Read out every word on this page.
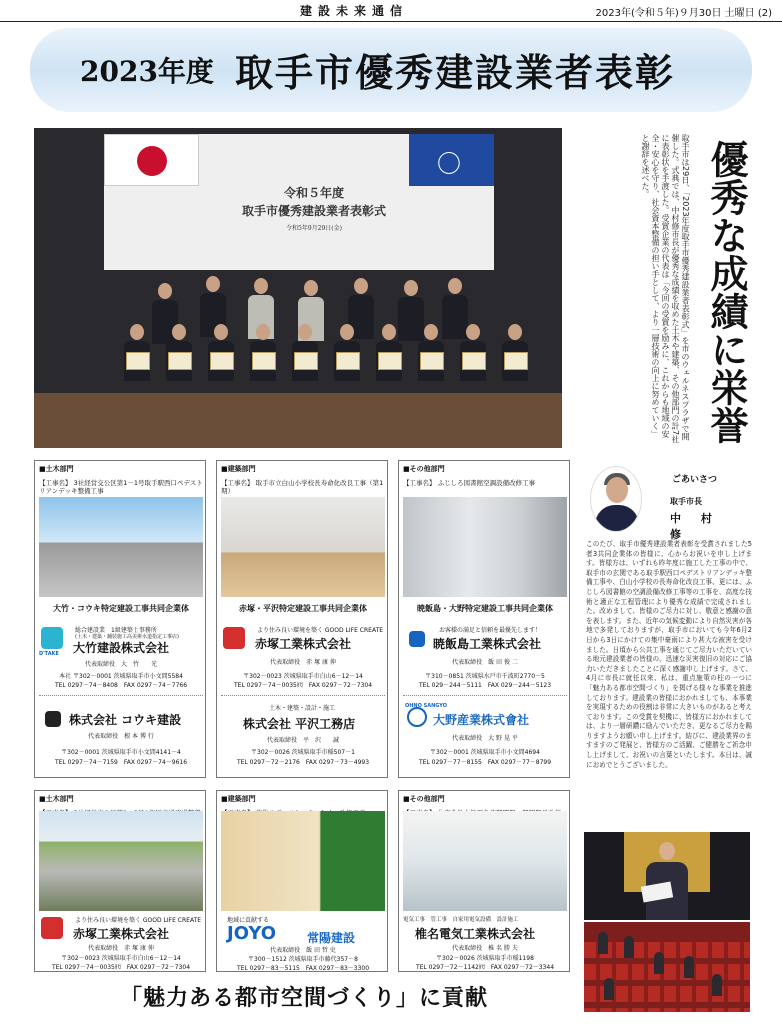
建設未来通信	2023年(令和５年)９月30日 土曜日 (2)
2023年度 取手市優秀建設業者表彰
〇
令和５年度
取手市優秀建設業者表彰式
令和5年9月29日(金)	優秀な成績に栄誉
取手市は29日、「2023年度取手市優秀建設業者表彰式」を市のウェルネスプラザで開催した。式典では、中村修市長が優秀な成績を収めた土木や建築、その他部門の計7社に表彰状を手渡した。受賞企業の代表は「今回の受賞を励みに、これからも地域の安全・安心を守り、社会資本整備の担い手として、より一層技術の向上に努めていく」と謝辞を述べた。
■土木部門
【工事名】 3社経営交公区第1－1号取手駅西口ペデストリアンデッキ整備工事
大竹・コウキ特定建設工事共同企業体
総合建設業　1級建築士事務所
(土木・建築・舗装施工高美術水道指定工事店)
D'TAKE 大竹建設株式会社
代表取締役　大　竹　　光
本社 〒302－0001 茨城県取手市小文間5584
TEL 0297－74－8408　FAX 0297－74－7766
株式会社 コウキ建設
代表取締役　根 本 博 行
〒302－0001 茨城県取手市小文間4141－4
TEL 0297－74－7159　FAX 0297－74－9616
■建築部門
【工事名】 取手市立白山小学校長寿命化改良工事（第1期）
赤塚・平沢特定建設工事共同企業体
より住み良い環境を築く GOOD LIFE CREATE
赤塚工業株式会社
代表取締役　赤 塚 康 伸
〒302－0023 茨城県取手市白山6－12－14
TEL 0297－74－0035㈹　FAX 0297－72－7304
土木・建築・設計・施工
株式会社 平沢工務店
代表取締役　平　沢　　誠
〒302－0026 茨城県取手市稲507－1
TEL 0297－72－2176　FAX 0297－73－4993
■その他部門
【工事名】 ふじしろ図書館空調設備改修工事
暁飯島・大野特定建設工事共同企業体
お客様の満足と信頼を最優先します！
暁飯島工業株式会社
代表取締役　飯 田 俊 二
〒310－0851 茨城県水戸市千波町2770－5
TEL 029－244－5111　FAX 029－244－5123
OHNO SANGYO
大野産業株式會社
代表取締役　大 野 晃 平
〒302－0001 茨城県取手市小文間4694
TEL 0297－77－8155　FAX 0297－77－8799
■土木部門
より住み良い環境を築く GOOD LIFE CREATE
赤塚工業株式会社
代表取締役　赤 塚 康 伸
〒302－0023 茨城県取手市白山6－12－14
TEL 0297－74－0035㈹　FAX 0297－72－7304
■建築部門
地域に貢献する
JOYO	常陽建設
代表取締役　飯 田 哲 史
〒300－1512 茨城県取手市藤代357－8
TEL 0297－83－5115　FAX 0297－83－3300
■その他部門
電気工事　管工事　自家用電気設備　設計施工
椎名電気工業株式会社
代表取締役　椎 名 勝 夫
〒302－0026 茨城県取手市稲1198
TEL 0297－72－1142㈹　FAX 0297－72－3344
ごあいさつ
取手市長
中 村　修
このたび、取手市優秀建設業者表彰を受賞されました5者3共同企業体の皆様に、心からお祝いを申し上げます。皆様方は、いずれも昨年度に施工した工事の中で、取手市の玄関である取手駅西口ペデストリアンデッキ整備工事や、白山小学校の長寿命化改良工事、更には、ふじしろ図書館の空調設備改修工事等の工事を、高度な技術と適正な工程管理により優秀な成績で完成されました。改めまして、皆様のご尽力に対し、敬意と感謝の意を表します。また、近年の気候変動により自然災害が各地で多発しておりますが、取手市においても今年6月2日から3日にかけての集中豪雨により甚大な被害を受けました。日頃から公共工事を通じてご尽力いただいている地元建設業者の皆様の、迅速な災害復旧の対応にご協力いただきましたことに深く感謝申し上げます。さて、4月に市長に就任以来、私は、重点施策の柱の一つに「魅力ある都市空間づくり」を掲げる様々な事業を推進しております。建設業の皆様におかれましても、本事業を実現するための役割は非常に大きいものがあると考えております。この受賞を契機に、皆様方におかれましては、より一層研鑽に励んでいただき、更なるご尽力を賜りますようお願い申し上げます。結びに、建設業界のますますのご発展と、皆様方のご活躍、ご健勝をご祈念申し上げまして、お祝いの言葉といたします。本日は、誠におめでとうございました。
「魅力ある都市空間づくり」に貢献
